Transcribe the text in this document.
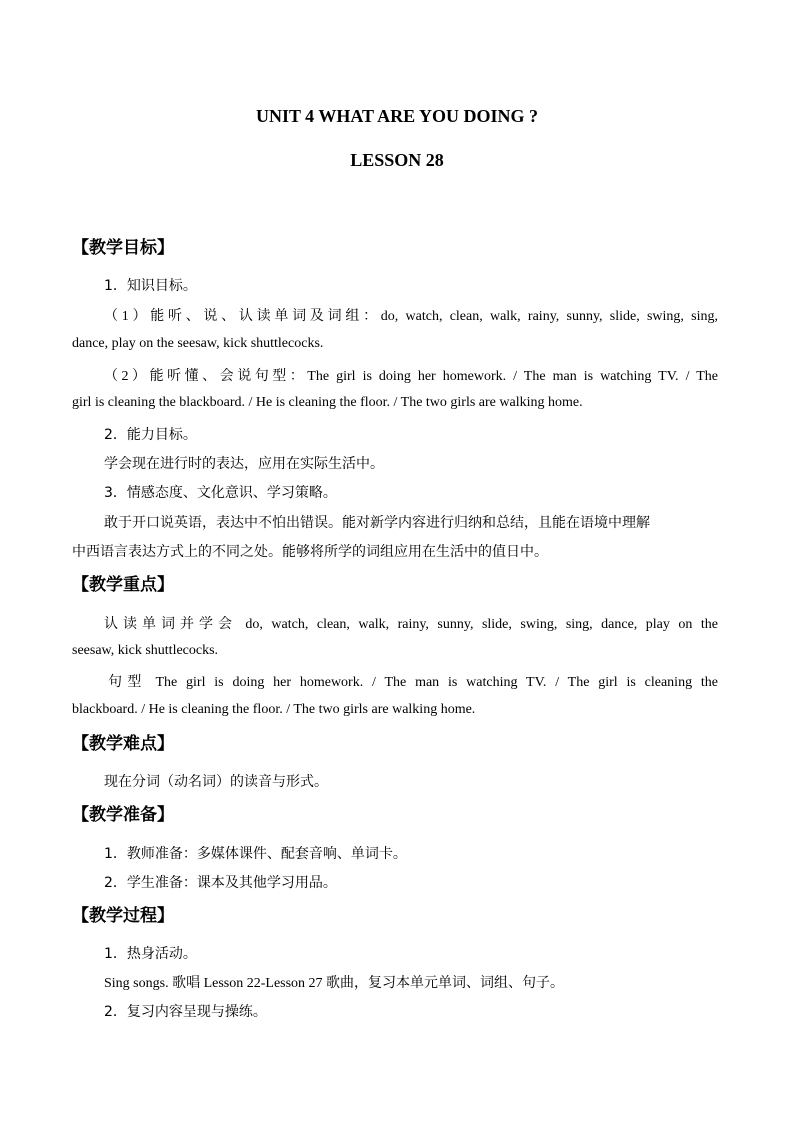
UNIT 4 WHAT ARE YOU DOING ?
LESSON 28
【教学目标】
1．知识目标。
（1）能听、说、认读单词及词组：do, watch, clean, walk, rainy, sunny, slide, swing, sing,
dance, play on the seesaw, kick shuttlecocks.
（2）能听懂、会说句型：The girl is doing her homework. / The man is watching TV. / The
girl is cleaning the blackboard. / He is cleaning the floor. / The two girls are walking home.
2．能力目标。
学会现在进行时的表达，应用在实际生活中。
3．情感态度、文化意识、学习策略。
敢于开口说英语，表达中不怕出错误。能对新学内容进行归纳和总结，且能在语境中理解
中西语言表达方式上的不同之处。能够将所学的词组应用在生活中的值日中。
【教学重点】
认读单词并学会 do, watch, clean, walk, rainy, sunny, slide, swing, sing, dance, play on the
seesaw, kick shuttlecocks.
句型 The girl is doing her homework. / The man is watching TV. / The girl is cleaning the
blackboard. / He is cleaning the floor. / The two girls are walking home.
【教学难点】
现在分词（动名词）的读音与形式。
【教学准备】
1．教师准备：多媒体课件、配套音响、单词卡。
2．学生准备：课本及其他学习用品。
【教学过程】
1．热身活动。
Sing songs. 歌唱 Lesson 22-Lesson 27 歌曲，复习本单元单词、词组、句子。
2．复习内容呈现与操练。
